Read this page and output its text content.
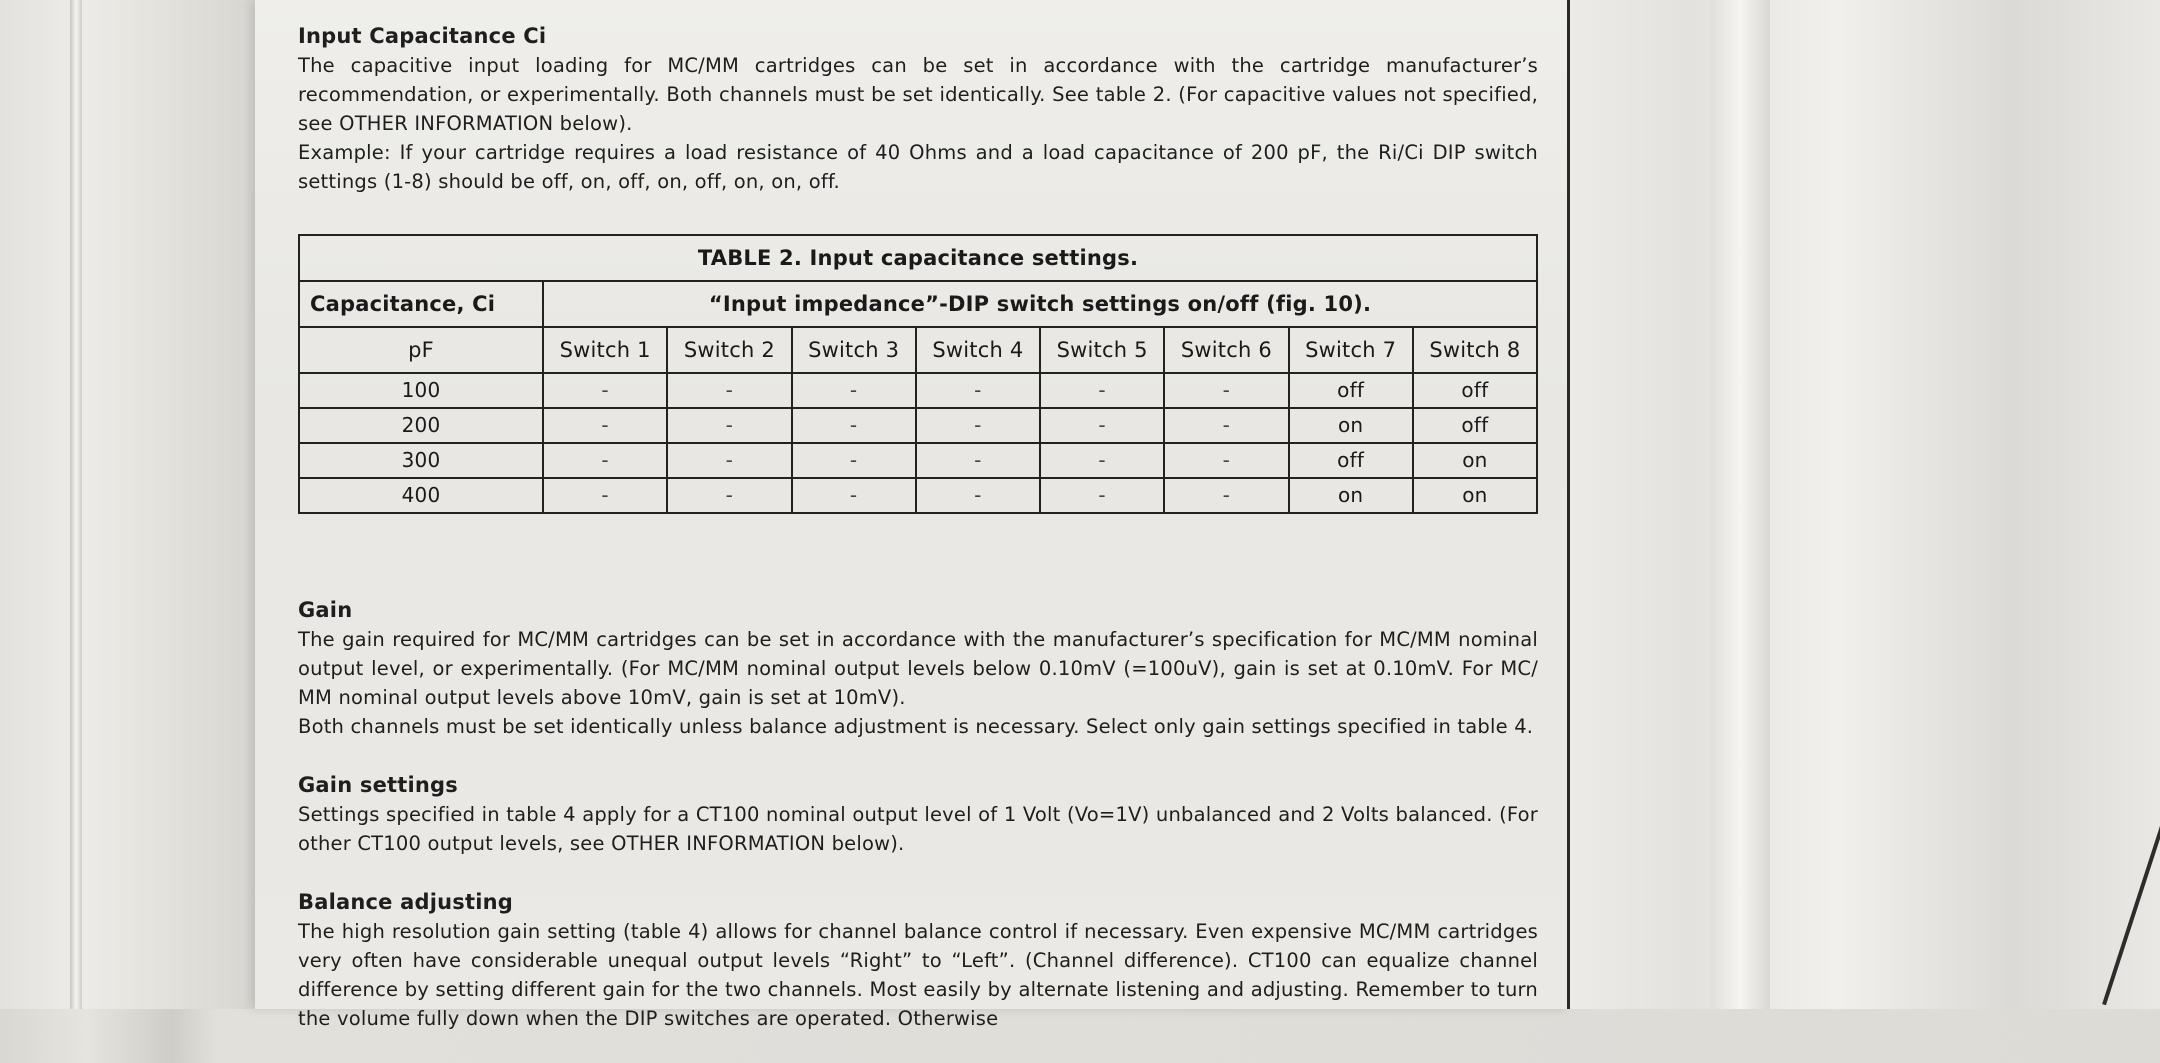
Input Capacitance Ci

The capacitive input loading for MC/MM cartridges can be set in accordance with the cartridge manufacturer’s recommendation, or experimentally. Both channels must be set identically. See table 2. (For capacitive values not specified, see OTHER INFORMATION below).

Example: If your cartridge requires a load resistance of 40 Ohms and a load capacitance of 200 pF, the Ri/Ci DIP switch settings (1-8) should be off, on, off, on, off, on, on, off.

TABLE 2. Input capacitance settings.								
Capacitance, Ci	“Input impedance”-DIP switch settings on/off (fig. 10).							
pF	Switch 1	Switch 2	Switch 3	Switch 4	Switch 5	Switch 6	Switch 7	Switch 8
100	-	-	-	-	-	-	off	off
200	-	-	-	-	-	-	on	off
300	-	-	-	-	-	-	off	on
400	-	-	-	-	-	-	on	on

Gain

The gain required for MC/MM cartridges can be set in accordance with the manufacturer’s specification for MC/MM nominal output level, or experimentally. (For MC/MM nominal output levels below 0.10mV (=100uV), gain is set at 0.10mV. For MC/ MM nominal output levels above 10mV, gain is set at 10mV).

Both channels must be set identically unless balance adjustment is necessary. Select only gain settings specified in table 4.

Gain settings

Settings specified in table 4 apply for a CT100 nominal output level of 1 Volt (Vo=1V) unbalanced and 2 Volts balanced. (For other CT100 output levels, see OTHER INFORMATION below).

Balance adjusting

The high resolution gain setting (table 4) allows for channel balance control if necessary. Even expensive MC/MM cartridges very often have considerable unequal output levels “Right” to “Left”. (Channel difference). CT100 can equalize channel difference by setting different gain for the two channels. Most easily by alternate listening and adjusting. Remember to turn the volume fully down when the DIP switches are operated. Otherwise
